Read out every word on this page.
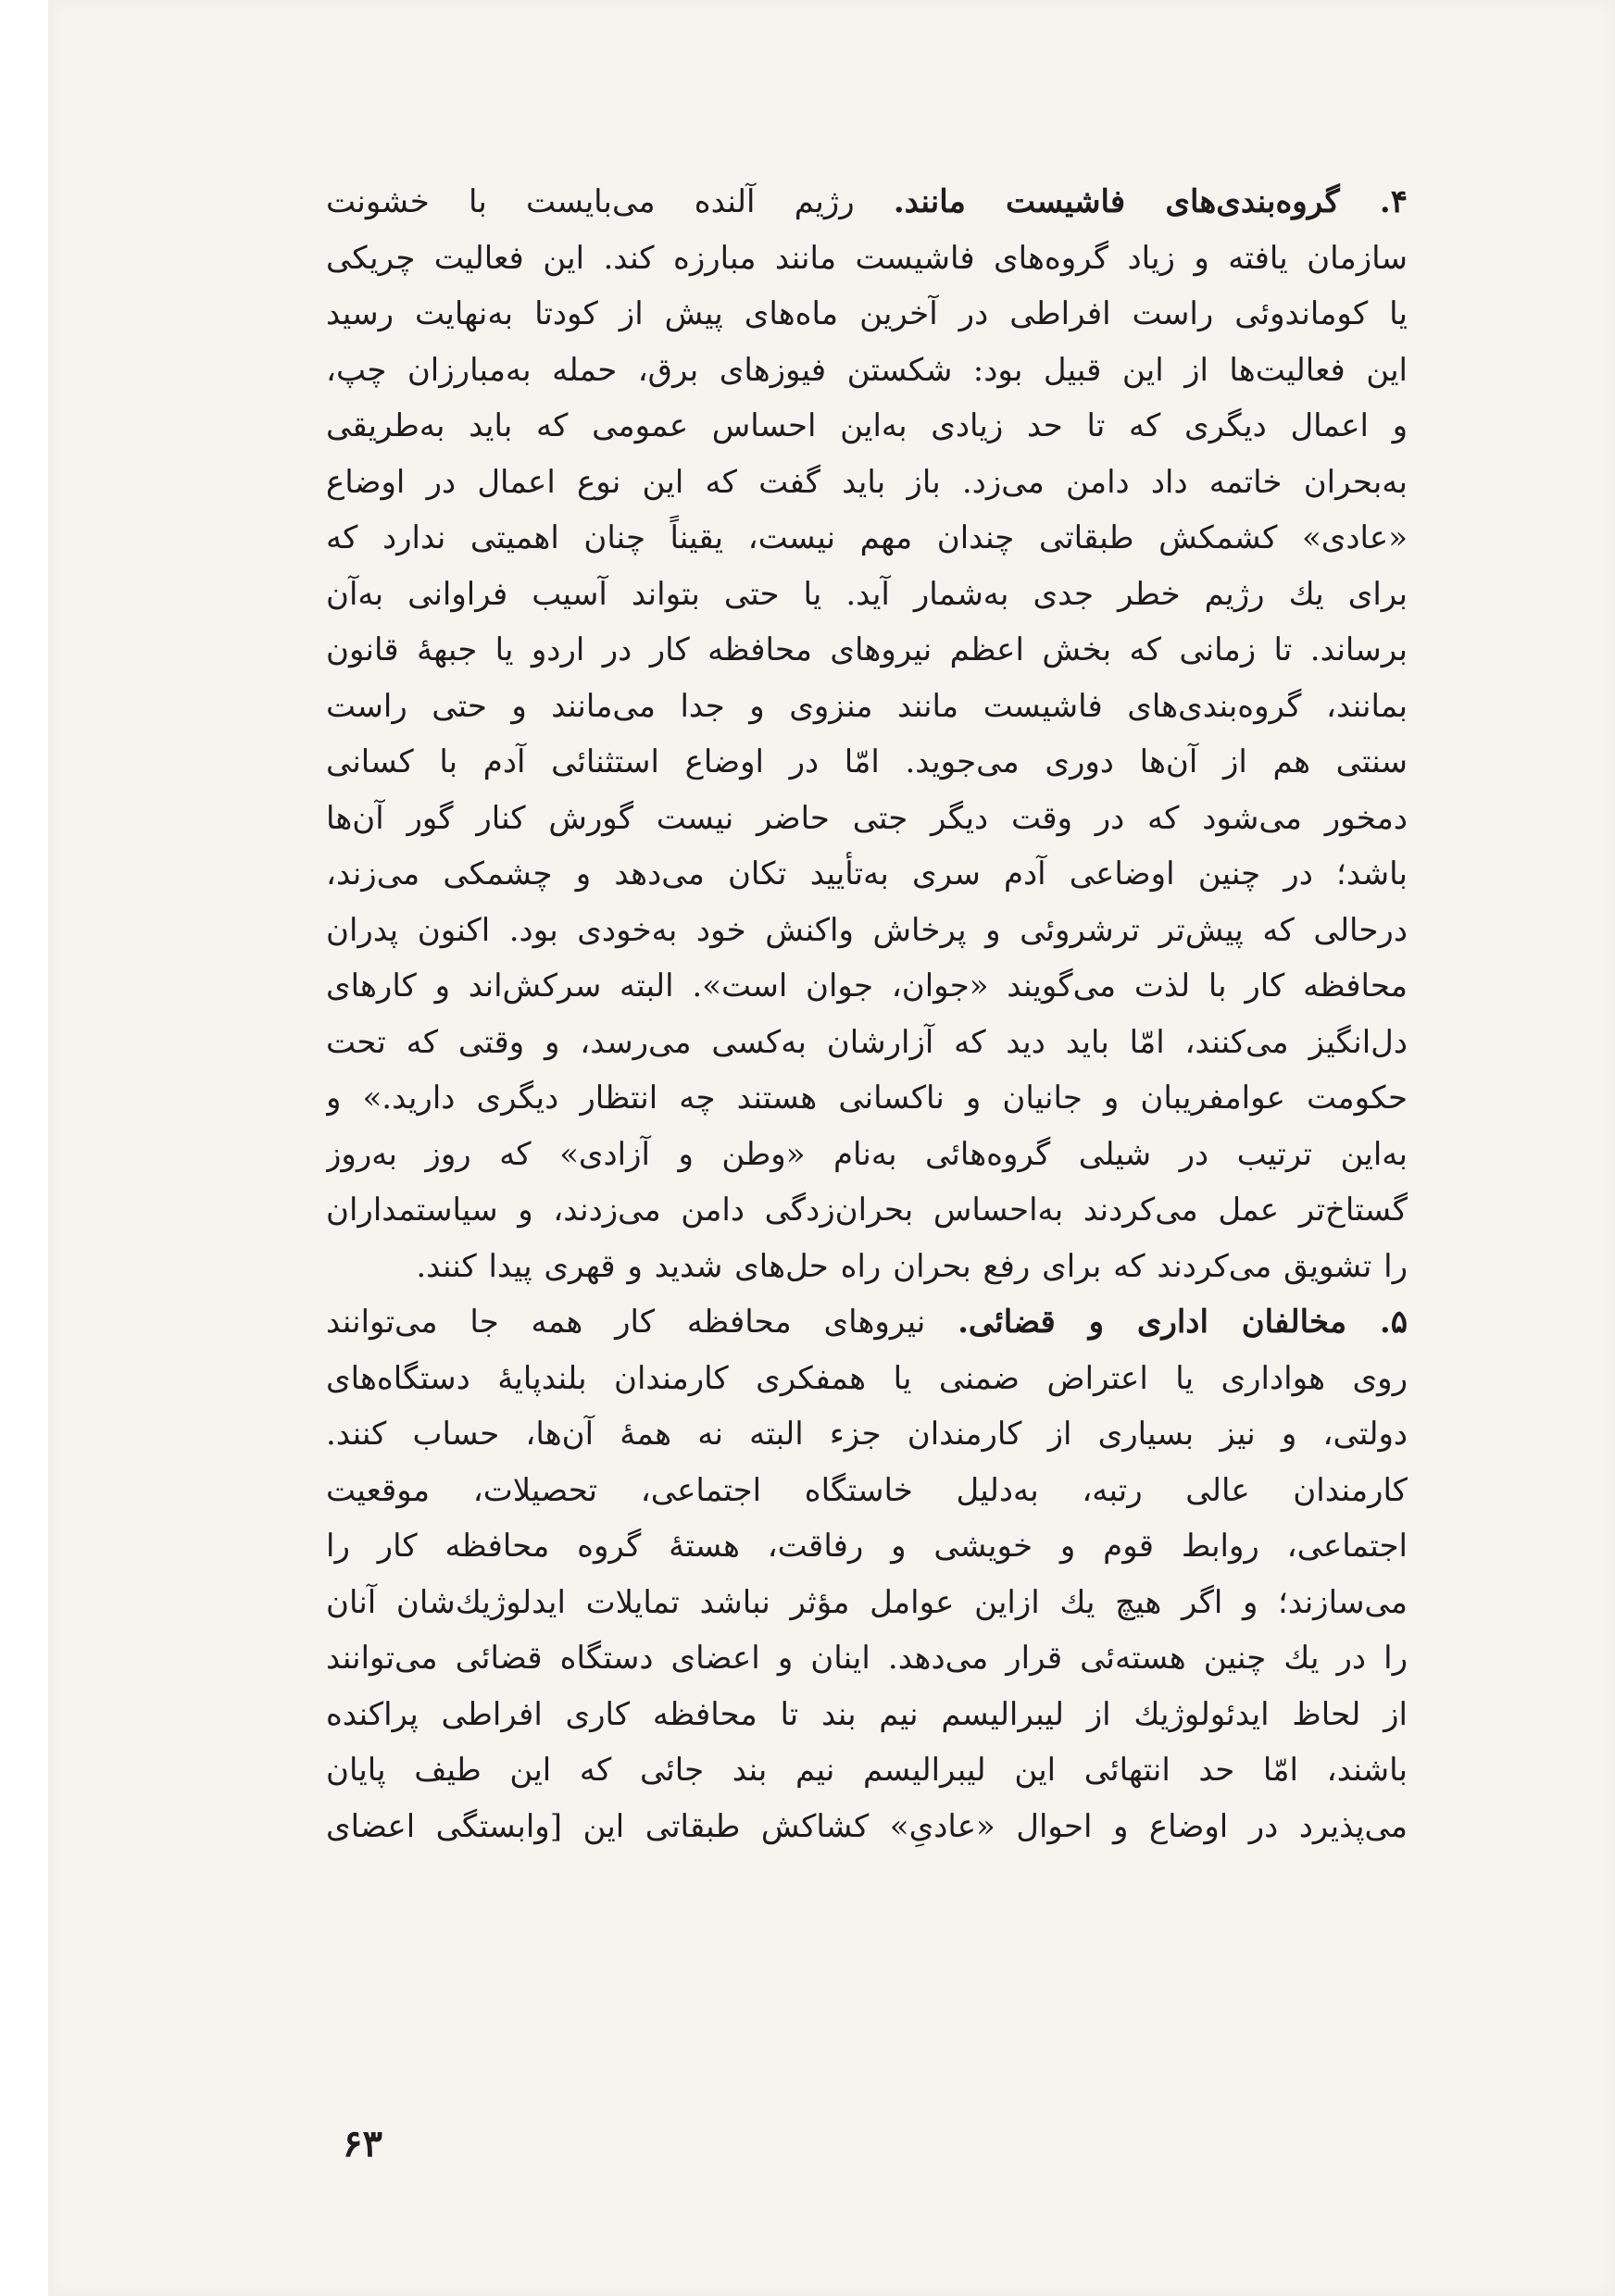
۴. گروه‌بندی‌های فاشیست مانند. رژیم آلنده می‌بایست با خشونت
سازمان یافته و زیاد گروه‌های فاشیست مانند مبارزه کند. این فعالیت چریکی
یا کوماندوئی راست افراطی در آخرین ماه‌های پیش از کودتا به‌نهایت رسید
این فعالیت‌ها از این قبیل بود: شکستن فیوزهای برق، حمله به‌مبارزان چپ،
و اعمال دیگری که تا حد زیادی به‌این احساس عمومی که باید به‌طریقی
به‌بحران خاتمه داد دامن می‌زد. باز باید گفت که این نوع اعمال در اوضاع
«عادی» کشمکش طبقاتی چندان مهم نیست، یقیناً چنان اهمیتی ندارد که
برای یك رژیم خطر جدی به‌شمار آید. یا حتی بتواند آسیب فراوانی به‌آن
برساند. تا زمانی که بخش اعظم نیروهای محافظه کار در اردو یا جبههٔ قانون
بمانند، گروه‌بندی‌های فاشیست مانند منزوی و جدا می‌مانند و حتی راست
سنتی هم از آن‌ها دوری می‌جوید. امّا در اوضاع استثنائی آدم با کسانی
دمخور می‌شود که در وقت دیگر جتی حاضر نیست گورش کنار گور آن‌ها
باشد؛ در چنین اوضاعی آدم سری به‌تأیید تکان می‌دهد و چشمکی می‌زند،
درحالی که پیش‌تر ترشروئی و پرخاش واکنش خود به‌خودی بود. اکنون پدران
محافظه کار با لذت می‌گویند «جوان، جوان است». البته سرکش‌اند و کارهای
دل‌انگیز می‌کنند، امّا باید دید که آزارشان به‌کسی می‌رسد، و وقتی که تحت
حکومت عوامفریبان و جانیان و ناکسانی هستند چه انتظار دیگری دارید.» و
به‌این ترتیب در شیلی گروه‌هائی به‌نام «وطن و آزادی» که روز به‌روز
گستاخ‌تر عمل می‌کردند به‌احساس بحران‌زدگی دامن می‌زدند، و سیاستمداران
را تشویق می‌کردند که برای رفع بحران راه حل‌های شدید و قهری پیدا کنند.
۵. مخالفان اداری و قضائی. نیروهای محافظه کار همه جا می‌توانند
روی هواداری یا اعتراض ضمنی یا همفکری کارمندان بلندپایهٔ دستگاه‌های
دولتی، و نیز بسیاری از کارمندان جزء البته نه همهٔ آن‌ها، حساب کنند.
کارمندان عالی رتبه، به‌دلیل خاستگاه اجتماعی، تحصیلات، موقعیت
اجتماعی، روابط قوم و خویشی و رفاقت، هستهٔ گروه محافظه کار را
می‌سازند؛ و اگر هیچ یك ازاین عوامل مؤثر نباشد تمایلات ایدلوژیك‌شان آنان
را در یك چنین هسته‌ئی قرار می‌دهد. اینان و اعضای دستگاه قضائی می‌توانند
از لحاظ ایدئولوژیك از لیبرالیسم نیم بند تا محافظه کاری افراطی پراکنده
باشند، امّا حد انتهائی این لیبرالیسم نیم بند جائی که این طیف پایان
می‌پذیرد در اوضاع و احوال «عادیِ» کشاکش طبقاتی این [وابستگی اعضای
۶۳
